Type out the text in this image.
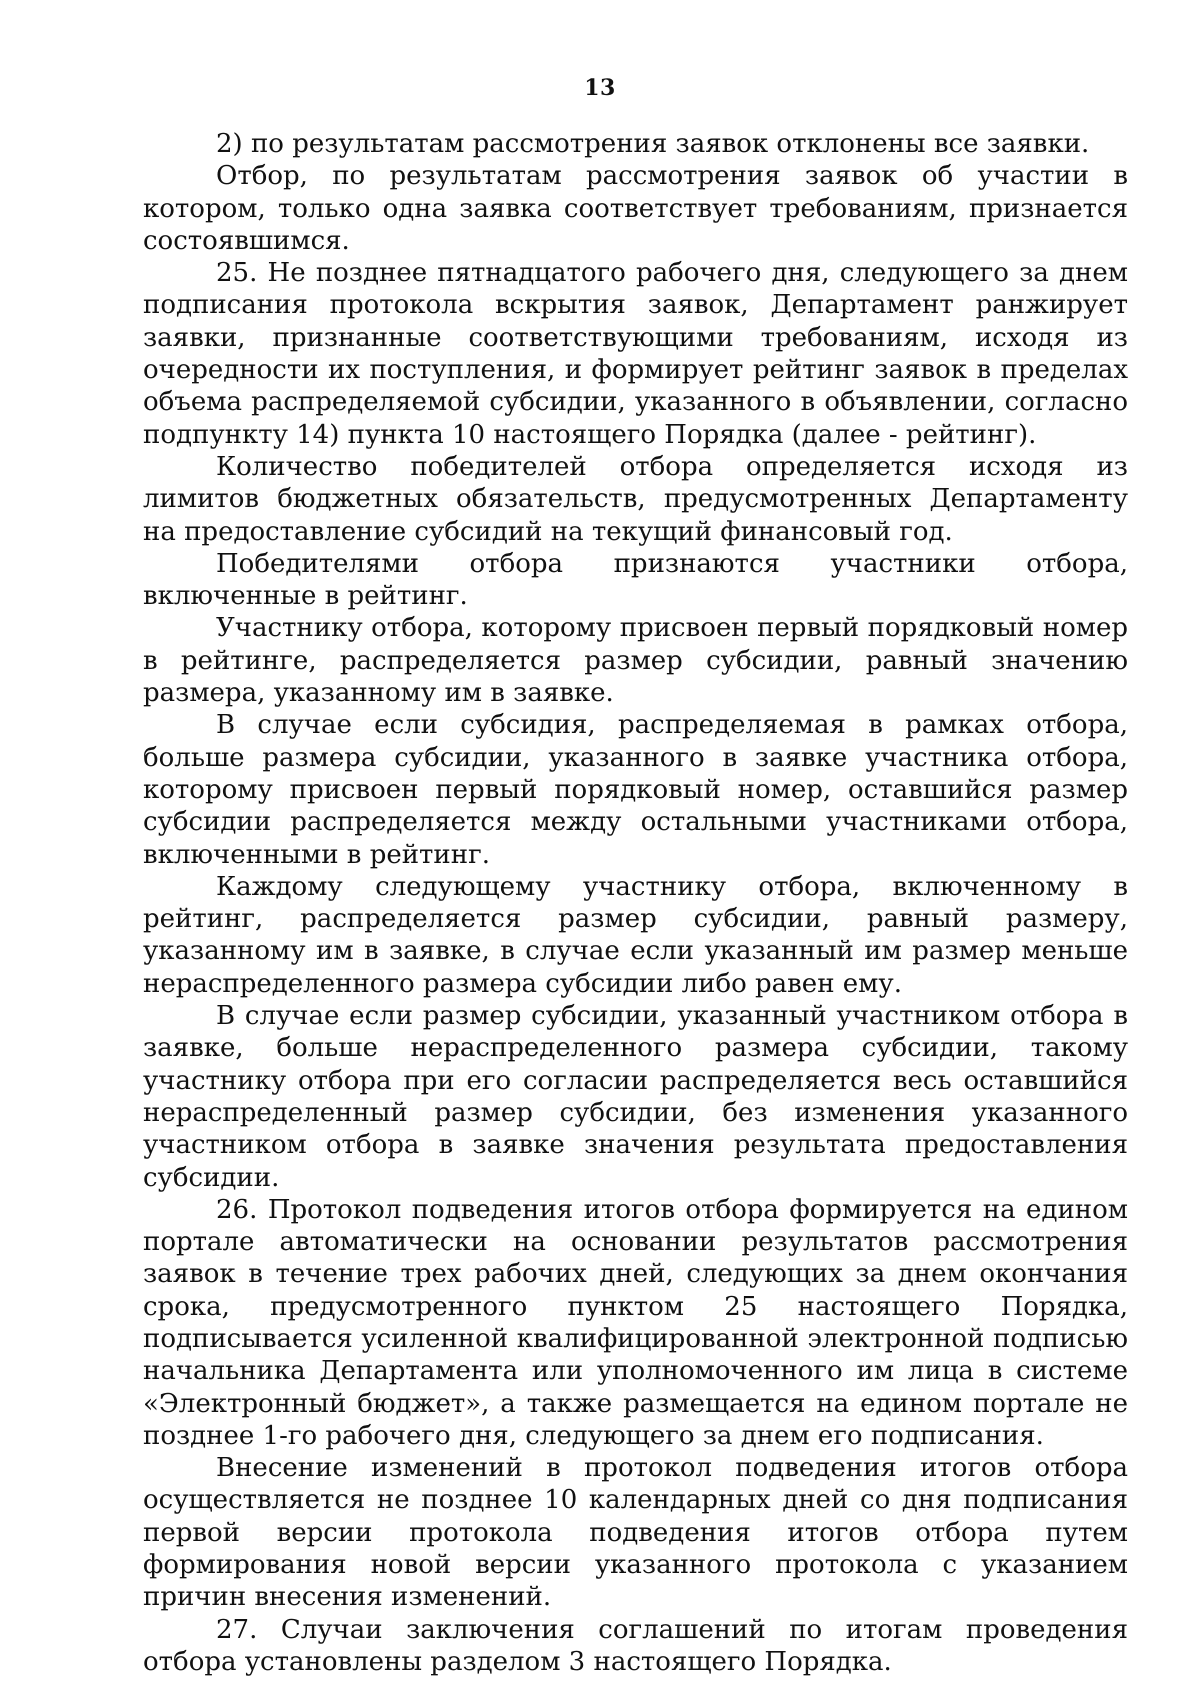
13

2) по результатам рассмотрения заявок отклонены все заявки.

Отбор, по результатам рассмотрения заявок об участии в котором, только одна заявка соответствует требованиям, признается состоявшимся.

25. Не позднее пятнадцатого рабочего дня, следующего за днем подписания протокола вскрытия заявок, Департамент ранжирует заявки, признанные соответствующими требованиям, исходя из очередности их поступления, и формирует рейтинг заявок в пределах объема распределяемой субсидии, указанного в объявлении, согласно подпункту 14) пункта 10 настоящего Порядка (далее - рейтинг).

Количество победителей отбора определяется исходя из лимитов бюджетных обязательств, предусмотренных Департаменту на предоставление субсидий на текущий финансовый год.

Победителями отбора признаются участники отбора, включенные в рейтинг.

Участнику отбора, которому присвоен первый порядковый номер в рейтинге, распределяется размер субсидии, равный значению размера, указанному им в заявке.

В случае если субсидия, распределяемая в рамках отбора, больше размера субсидии, указанного в заявке участника отбора, которому присвоен первый порядковый номер, оставшийся размер субсидии распределяется между остальными участниками отбора, включенными в рейтинг.

Каждому следующему участнику отбора, включенному в рейтинг, распределяется размер субсидии, равный размеру, указанному им в заявке, в случае если указанный им размер меньше нераспределенного размера субсидии либо равен ему.

В случае если размер субсидии, указанный участником отбора в заявке, больше нераспределенного размера субсидии, такому участнику отбора при его согласии распределяется весь оставшийся нераспределенный размер субсидии, без изменения указанного участником отбора в заявке значения результата предоставления субсидии.

26. Протокол подведения итогов отбора формируется на едином портале автоматически на основании результатов рассмотрения заявок в течение трех рабочих дней, следующих за днем окончания срока, предусмотренного пунктом 25 настоящего Порядка, подписывается усиленной квалифицированной электронной подписью начальника Департамента или уполномоченного им лица в системе «Электронный бюджет», а также размещается на едином портале не позднее 1-го рабочего дня, следующего за днем его подписания.

Внесение изменений в протокол подведения итогов отбора осуществляется не позднее 10 календарных дней со дня подписания первой версии протокола подведения итогов отбора путем формирования новой версии указанного протокола с указанием причин внесения изменений.

27. Случаи заключения соглашений по итогам проведения отбора установлены разделом 3 настоящего Порядка.
